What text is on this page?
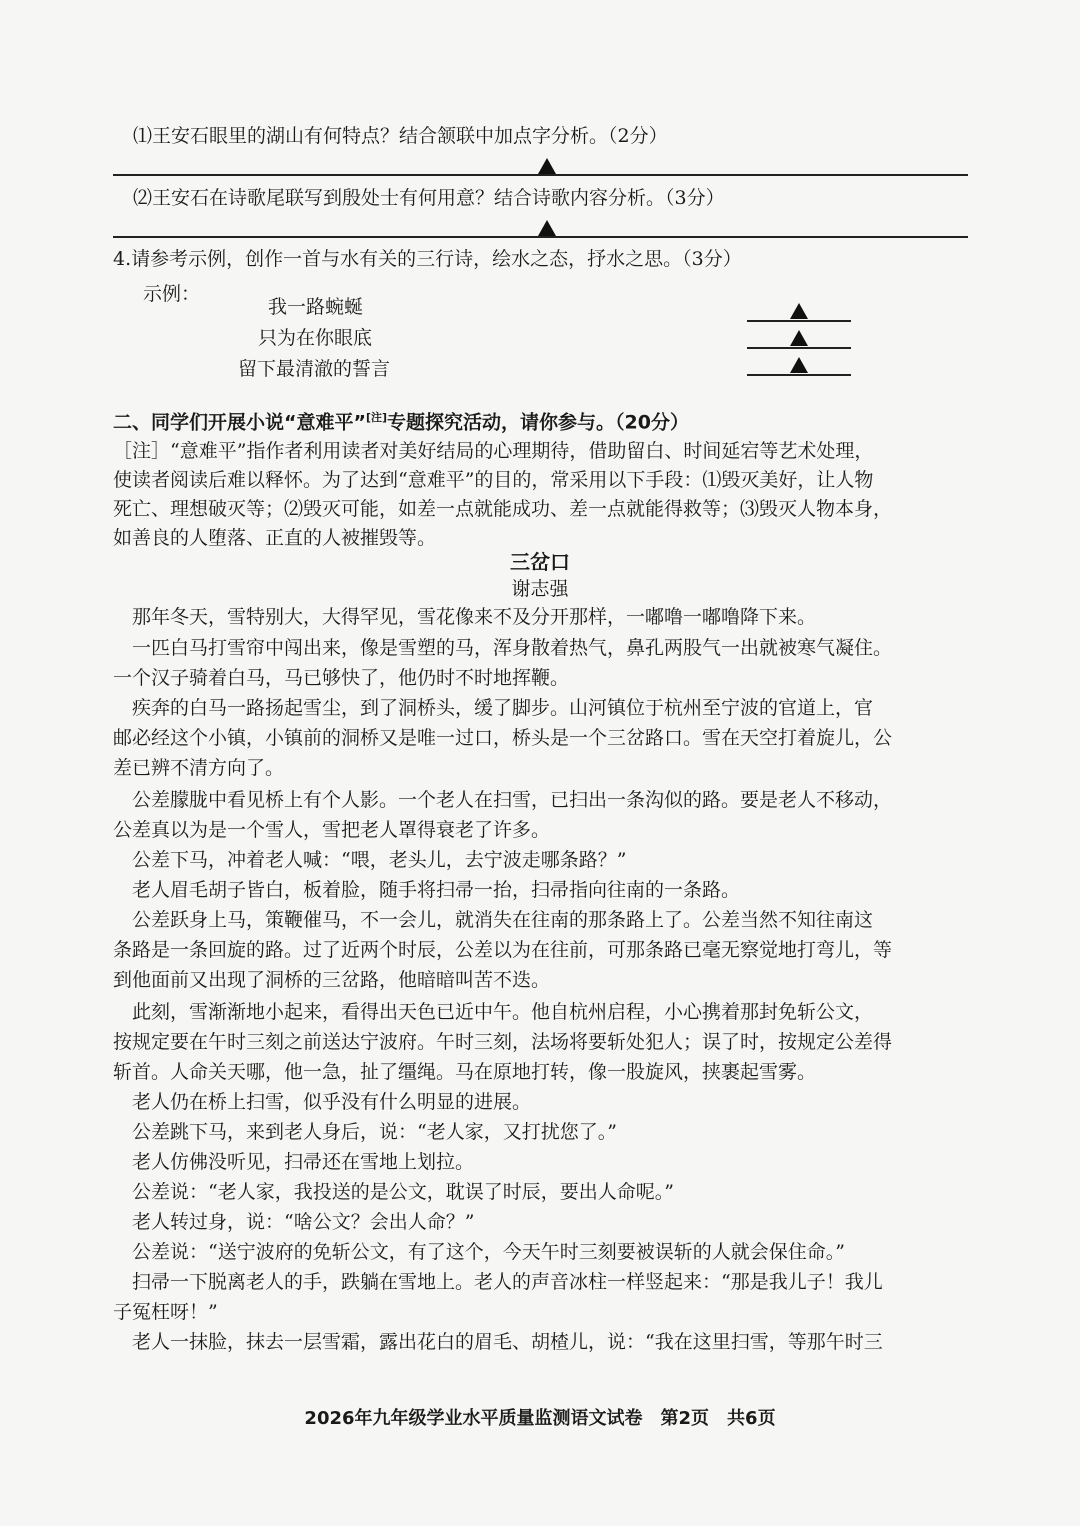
⑴王安石眼里的湖山有何特点？结合颔联中加点字分析。（2分）
⑵王安石在诗歌尾联写到殷处士有何用意？结合诗歌内容分析。（3分）
4.请参考示例，创作一首与水有关的三行诗，绘水之态，抒水之思。（3分）
示例：
我一路蜿蜒
只为在你眼底
留下最清澈的誓言
二、同学们开展小说“意难平”[注]专题探究活动，请你参与。（20分）
［注］“意难平”指作者利用读者对美好结局的心理期待，借助留白、时间延宕等艺术处理，
使读者阅读后难以释怀。为了达到“意难平”的目的，常采用以下手段：⑴毁灭美好，让人物
死亡、理想破灭等；⑵毁灭可能，如差一点就能成功、差一点就能得救等；⑶毁灭人物本身，
如善良的人堕落、正直的人被摧毁等。
三岔口
谢志强
　那年冬天，雪特别大，大得罕见，雪花像来不及分开那样，一嘟噜一嘟噜降下来。
　一匹白马打雪帘中闯出来，像是雪塑的马，浑身散着热气，鼻孔两股气一出就被寒气凝住。
一个汉子骑着白马，马已够快了，他仍时不时地挥鞭。
　疾奔的白马一路扬起雪尘，到了洞桥头，缓了脚步。山河镇位于杭州至宁波的官道上，官
邮必经这个小镇，小镇前的洞桥又是唯一过口，桥头是一个三岔路口。雪在天空打着旋儿，公
差已辨不清方向了。
　公差朦胧中看见桥上有个人影。一个老人在扫雪，已扫出一条沟似的路。要是老人不移动，
公差真以为是一个雪人，雪把老人罩得衰老了许多。
　公差下马，冲着老人喊：“喂，老头儿，去宁波走哪条路？”
　老人眉毛胡子皆白，板着脸，随手将扫帚一抬，扫帚指向往南的一条路。
　公差跃身上马，策鞭催马，不一会儿，就消失在往南的那条路上了。公差当然不知往南这
条路是一条回旋的路。过了近两个时辰，公差以为在往前，可那条路已毫无察觉地打弯儿，等
到他面前又出现了洞桥的三岔路，他暗暗叫苦不迭。
　此刻，雪渐渐地小起来，看得出天色已近中午。他自杭州启程，小心携着那封免斩公文，
按规定要在午时三刻之前送达宁波府。午时三刻，法场将要斩处犯人；误了时，按规定公差得
斩首。人命关天哪，他一急，扯了缰绳。马在原地打转，像一股旋风，挟裹起雪雾。
　老人仍在桥上扫雪，似乎没有什么明显的进展。
　公差跳下马，来到老人身后，说：“老人家，又打扰您了。”
　老人仿佛没听见，扫帚还在雪地上划拉。
　公差说：“老人家，我投送的是公文，耽误了时辰，要出人命呢。”
　老人转过身，说：“啥公文？会出人命？”
　公差说：“送宁波府的免斩公文，有了这个，今天午时三刻要被误斩的人就会保住命。”
　扫帚一下脱离老人的手，跌躺在雪地上。老人的声音冰柱一样竖起来：“那是我儿子！我儿
子冤枉呀！”
　老人一抹脸，抹去一层雪霜，露出花白的眉毛、胡楂儿，说：“我在这里扫雪，等那午时三
2026年九年级学业水平质量监测语文试卷　第2页　共6页
